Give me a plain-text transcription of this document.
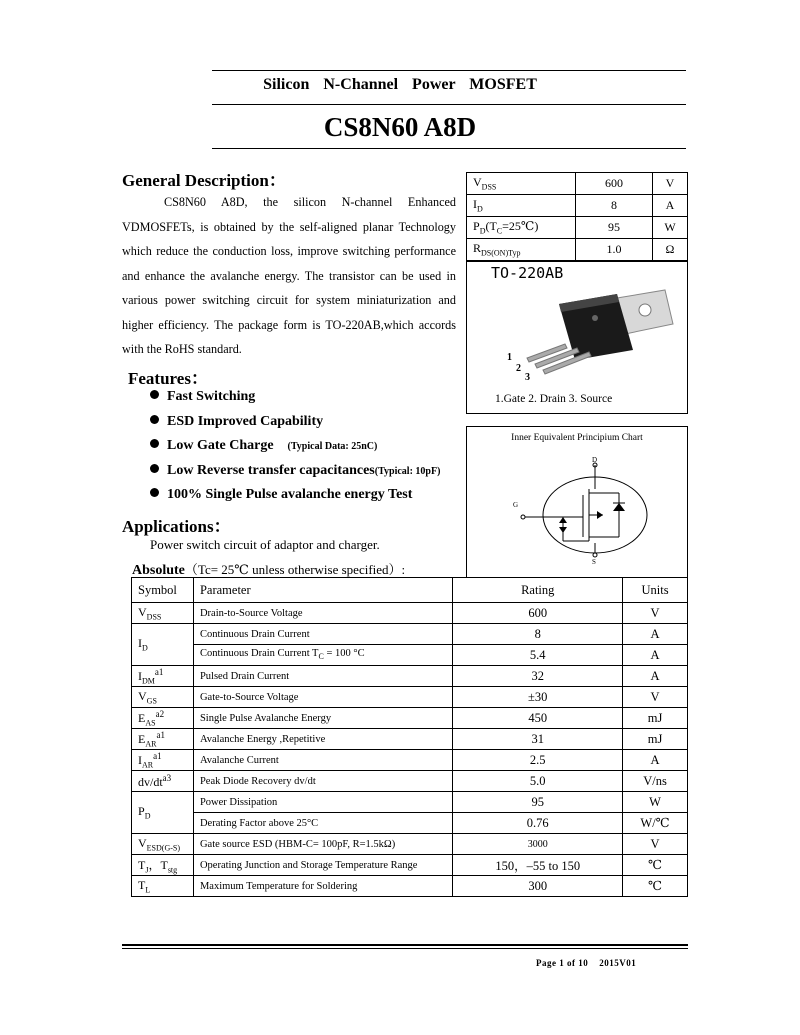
Silicon N-Channel Power MOSFET
CS8N60 A8D
General Description：

CS8N60 A8D, the silicon N-channel Enhanced VDMOSFETs, is obtained by the self-aligned planar Technology which reduce the conduction loss, improve switching performance and enhance the avalanche energy. The transistor can be used in various power switching circuit for system miniaturization and higher efficiency. The package form is TO-220AB,which accords with the RoHS standard.

$V_{DSS}$	600	V
$I_D$	8	A
$P_D(T_C=25℃)$	95	W
$R_{DS(ON)Typ}$	1.0	Ω
TO-220AB
1
2
3
1.Gate 2. Drain 3. Source
Inner Equivalent Principium Chart
D
G
S
Features：
Fast Switching
ESD Improved Capability
Low Gate Charge (Typical Data: 25nC)
Low Reverse transfer capacitances(Typical: 10pF)
100% Single Pulse avalanche energy Test
Applications：
Power switch circuit of adaptor and charger.
Absolute（Tc= 25℃ unless otherwise specified）:
Symbol	Parameter	Rating	Units
$V_{DSS}$	Drain-to-Source Voltage	600	V
$I_D$	Continuous Drain Current	8	A
	Continuous Drain Current $T_C = 100$ °C	5.4	A
$I_{DM}^{a1}$	Pulsed Drain Current	32	A
$V_{GS}$	Gate-to-Source Voltage	±30	V
$E_{AS}^{a2}$	Single Pulse Avalanche Energy	450	mJ
$E_{AR}^{a1}$	Avalanche Energy ,Repetitive	31	mJ
$I_{AR}^{a1}$	Avalanche Current	2.5	A
$dv/dt^{a3}$	Peak Diode Recovery dv/dt	5.0	V/ns
$P_D$	Power Dissipation	95	W
	Derating Factor above 25°C	0.76	W/℃
$V_{ESD(G-S)}$	Gate source ESD (HBM-C= 100pF, R=1.5kΩ)	3000	V
$T_J$，$T_{stg}$	Operating Junction and Storage Temperature Range	150，–55 to 150	℃
$T_L$	Maximum Temperature for Soldering	300	℃
Page 1 of 10    2015V01
